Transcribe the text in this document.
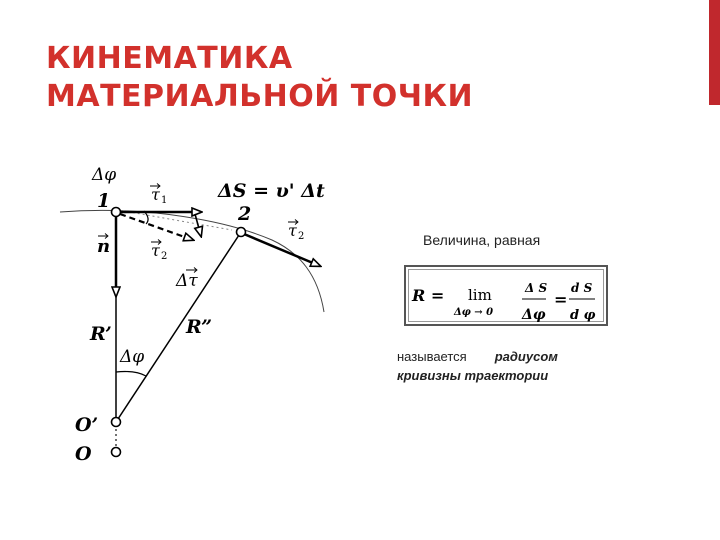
КИНЕМАТИКА
МАТЕРИАЛЬНОЙ ТОЧКИ
Δφ
1
2
τ 1
τ 2
τ 2
n
Δτ
ΔS = υ' Δt
R’	R”
Δφ
O’
O
Величина, равная
R = lim
Δφ → 0
Δ S
Δφ
=
d S
d φ
называется радиусом
кривизны траектории
